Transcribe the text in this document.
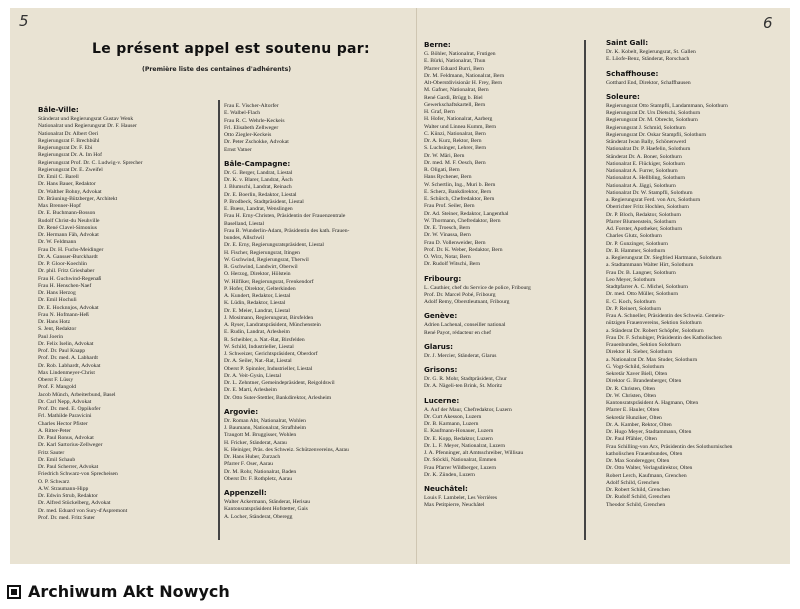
5	6
Le présent appel est soutenu par:
(Première liste des centaines d'adhérents)
Bâle-Ville:
Ständerat und Regierungsrat Gustav Wenk
Nationalrat und Regierungsrat Dr. F. Hauser
Nationalrat Dr. Albert Oeri
Regierungsrat F. Brechbühl
Regierungsrat Dr. F. Ebi
Regierungsrat Dr. A. Im Hof
Regierungsrat Prof. Dr. C. Ludwig-v. Sprecher
Regierungsrat Dr. E. Zweifel
Dr. Emil C. Barell
Dr. Hans Bauer, Redaktor
Dr. Walther Bohny, Advokat
Dr. Bräuning-Bützberger, Architekt
Max Brenner-Hopf
Dr. E. Buchmann-Bosson
Rudolf Christ-du Neuhville
Dr. René Clavel-Simonius
Dr. Hermann Fäh, Advokat
Dr. W. Feldmann
Frau Dr. H. Fuchs-Meidinger
Dr. A. Gansser-Burckhardt
Dr. P. Gloor-Koechlin
Dr. phil. Fritz Grieshaber
Frau H. Guchwind-Regenaß
Frau H. Henschen-Naef
Dr. Hans Herzog
Dr. Emil Hochuli
Dr. E. Hocknnjos, Advokat
Frau N. Hofmann-Heß
Dr. Hans Hotz
S. Jent, Redaktor
Paul Joerin
Dr. Felix Iselin, Advokat
Prof. Dr. Paul Knapp
Prof. Dr. med. A. Labhardt
Dr. Rob. Labhardt, Advokat
Max Lindenmeyer-Christ
Oberst F. Lüssy
Prof. F. Mangold
Jacob Münch, Arbeiterbund, Basel
Dr. Carl Nepp, Advokat
Prof. Dr. med. E. Oppikofer
Frl. Mathilde Paravicini
Charles Hector Pfister
A. Ritter-Peter
Dr. Paul Ronus, Advokat
Dr. Karl Sartorius-Zellweger
Fritz Sauter
Dr. Emil Schaub
Dr. Paul Scherrer, Advokat
Friedrich Schwarz-von Sprecheisen
O. P. Schwarz
A.W. Straumann-Hipp
Dr. Edwin Strub, Redaktor
Dr. Alfred Stückelberg, Advokat
Dr. med. Eduard von Sury-d'Aspremont
Prof. Dr. med. Fritz Suter
Frau E. Vischer-Altorfer
E. Walbel-Flach
Frau R. C. Wehrle-Keckeis
Frl. Elisabeth Zellweger
Otto Ziegler-Keckeis
Dr. Peter Zschokke, Advokat
Ernst Vatner
Bâle-Campagne:
Dr. G. Berger, Landrat, Liestal
Dr. K. v. Blarer, Landrat, Äsch
J. Blumschi, Landrat, Reinach
Dr. E. Boerlin, Redaktor, Liestal
P. Brodbeck, Stadtpräsident, Liestal
E. Buess, Landrat, Wenslingen
Frau H. Erny-Christen, Präsidentin der Frauenzentrale
Baselland, Liestal
Frau B. Wunderlin-Adam, Präsidentin des kath. Frauen-
bundes, Allschwil
Dr. E. Erny, Regierungsratspräsident, Liestal
H. Fischer, Regierungsrat, Itingen
W. Gschwind, Regierungsrat, Therwil
R. Gschwind, Landwirt, Oberwil
O. Herzog, Direktor, Hölstein
W. Hilfiker, Regierungsrat, Frenkendorf
P. Hofer, Direktor, Gelterkinden
A. Kundert, Redaktor, Liestal
K. Lüdin, Redaktor, Liestal
Dr. E. Meier, Landrat, Liestal
J. Mosimann, Regierungsrat, Birsfelden
A. Ryser, Landratspräsident, Münchenstein
E. Rudin, Landrat, Arlesheim
R. Scheibler, a. Nat.-Rat, Birsfelden
W. Schild, Industrieller, Liestal
J. Schweizer, Gerichtspräsident, Oberdorf
Dr. A. Seiler, Nat.-Rat, Liestal
Oberst P. Spinnler, Industrieller, Liestal
Dr. A. Veit-Gysin, Liestal
Dr. L. Zehntner, Gemeindepräsident, Reigoldswil
Dr. E. Marti, Arlesheim
Dr. Otto Suter-Stettler, Bankdirektor, Arlesheim
Argovie:
Dr. Roman Abt, Nationalrat, Wohlen
J. Baumann, Nationalrat, Strafhheim
Traugott M. Bruggisser, Wohlen
H. Fricker, Ständerat, Aarau
K. Heiniger, Präs. des Schweiz. Schützenvereins, Aarau
Dr. Hans Huber, Zurzach
Pfarrer F. Oser, Aarau
Dr. M. Rohr, Nationalrat, Baden
Oberst Dr. F. Rothpletz, Aarau
Appenzell:
Walter Ackermann, Ständerat, Herisau
Kantonsratspräsident Hofstetter, Gais
A. Locher, Ständerat, Oberegg
Berne:
G. Böhler, Nationalrat, Frutigen
E. Bürki, Nationalrat, Thun
Pfarrer Eduard Burri, Bern
Dr. M. Feldmann, Nationalrat, Bern
Alt-Oberstdivisionär H. Frey, Bern
M. Gafner, Nationalrat, Bern
René Gardi, Brügg b. Biel
Gewerkschaftskartell, Bern
H. Graf, Bern
H. Hofer, Nationalrat, Aarberg
Walter und Linnea Kumm, Bern
C. Künzi, Nationalrat, Bern
Dr. A. Kurz, Rektor, Bern
S. Luchsinger, Lehrer, Bern
Dr. W. Märi, Bern
Dr. med. M. F. Oesch, Bern
R. Oligati, Bern
Hans Rychener, Bern
W. Schertlin, Ing., Muri b. Bern
E. Scherz, Bankdirektor, Bern
E. Schürch, Chefredaktor, Bern
Frau Prof. Seiler, Bern
Dr. Ad. Steiner, Redaktor, Langenthal
W. Thormann, Chefredaktor, Bern
Dr. E. Troesch, Bern
Dr. W. Vinassa, Bern
Frau D. Vollenweider, Bern
Prof. Dr. K. Weber, Redaktor, Bern
O. Wirz, Notar, Bern
Dr. Rudolf Witschi, Bern
Fribourg:
L. Cauthier, chef du Service de police, Fribourg
Prof. Dr. Marcel Pobé, Fribourg
Adolf Remy, Oberstleutnant, Fribourg
Genève:
Adrien Lachenal, conseiller national
René Payot, rédacteur en chef
Glarus:
Dr. J. Mercier, Ständerat, Glarus
Grisons:
Dr. G. R. Mohr, Stadtpräsident, Chur
Dr. A. Nägeli-ten Brink, St. Moritz
Lucerne:
A. Auf der Maur, Chefredaktor, Luzern
Dr. Curt Akesson, Luzern
Dr. B. Karmann, Luzern
E. Kaufmann-Honauer, Luzern
Dr. E. Kopp, Redaktor, Luzern
Dr. L. F. Meyer, Nationalrat, Luzern
J. A. Pfenninger, alt Amtsschreiber, Willisau
Dr. Stöckli, Nationalrat, Emmen
Frau Pfarrer Wildberger, Luzern
Dr. K. Zünden, Luzern
Neuchâtel:
Louis F. Lambelet, Les Verrières
Max Petitpierre, Neuchâtel
Saint Gall:
Dr. K. Kobelt, Regierungsrat, St. Gallen
E. Löofe-Benz, Ständerat, Rorschach
Schaffhouse:
Gotthard End, Direktor, Schaffhausen
Soleure:
Regierungsrat Otto Stampfli, Landammann, Solothurn
Regierungsrat Dr. Urs Dietschi, Solothurn
Regierungsrat Dr. M. Obrecht, Solothurn
Regierungsrat J. Schmid, Solothurn
Regierungsrat Dr. Oskar Stampfli, Solothurn
Ständerat Iwan Bally, Schönenwerd
Nationalrat Dr. P. Haefelin, Solothurn
Ständerat Dr. A. Boner, Solothurn
Nationalrat E. Flückiger, Solothurn
Nationalrat A. Furrer, Solothurn
Nationalrat A. Hellbling, Solothurn
Nationalrat A. Jäggi, Solothurn
Nationalrat Dr. W. Stampfli, Solothurn
a. Regierungsrat Ferd. von Arx, Solothurn
Oberrichter Fritz Hochlen, Solothurn
Dr. P. Bloch, Redaktor, Solothurn
Pfarrer Blumenstein, Solothurn
Ad. Forster, Apotheker, Solothurn
Charles Glutz, Solothurn
Dr. P. Gunzinger, Solothurn
Dr. B. Hammer, Solothurn
a. Regierungsrat Dr. Siegfried Hartmann, Solothurn
a. Stadtammann Walter Hirt, Solothurn
Frau Dr. B. Langner, Solothurn
Leo Meyer, Solothurn
Stadtpfarrer A. C. Michel, Solothurn
Dr. med. Otto Müller, Solothurn
E. C. Koch, Solothurn
Dr. P. Reinert, Solothurn
Frau A. Schneller, Präsidentin des Schweiz. Gemein-
nützigen Frauenvereins, Sektion Solothurn
a. Ständerat Dr. Robert Schöpfer, Solothurn
Frau Dr. F. Schubiger, Präsidentin des Katholischen
Frauenbundes, Sektion Solothurn
Direktor H. Sieber, Solothurn
a. Nationalrat Dr. Max Studer, Solothurn
G. Vogt-Schild, Solothurn
Sekretär Xaver Biell, Olten
Direktor G. Brandenberger, Olten
Dr. R. Christen, Olten
Dr. W. Christen, Olten
Kantonsratspräsident A. Hagmann, Olten
Pfarrer E. Hauler, Olten
Sekretär Hunziker, Olten
Dr. A. Kamber, Rektor, Olten
Dr. Hugo Meyer, Stadtammann, Olten
Dr. Paul Pfähler, Olten
Frau Schilling-von Arx, Präsidentin des Solothurnischen
katholischen Frauenbundes, Olten
Dr. Max Sonderegger, Olten
Dr. Otto Walter, Verlagsdirektor, Olten
Robert Lerch, Kaufmann, Grenchen
Adolf Schild, Grenchen
Dr. Robert Schild, Grenchen
Dr. Rudolf Schild, Grenchen
Theodor Schild, Grenchen
Archiwum Akt Nowych
